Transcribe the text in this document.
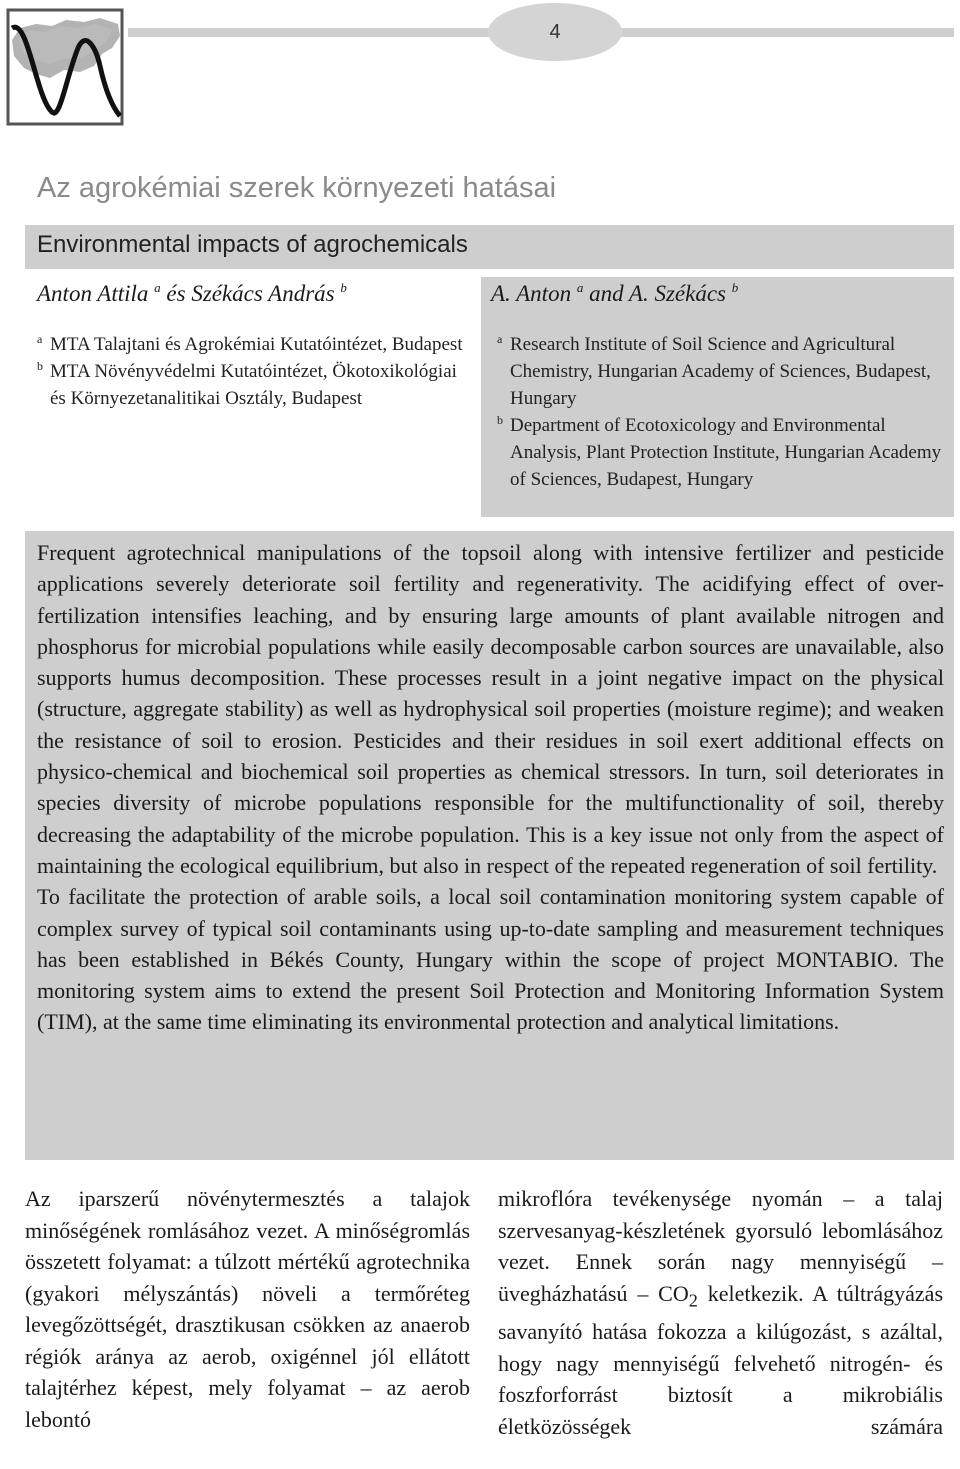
4
Az agrokémiai szerek környezeti hatásai
Environmental impacts of agrochemicals
Anton Attila $^a$ és Székács András $^b$
a MTA Talajtani és Agrokémiai Kutatóintézet, Budapest
b MTA Növényvédelmi Kutatóintézet, Ökotoxikológiai és Környezetanalitikai Osztály, Budapest
A. Anton $^a$ and A. Székács $^b$
a Research Institute of Soil Science and Agricultural Chemistry, Hungarian Academy of Sciences, Budapest, Hungary
b Department of Ecotoxicology and Environmental Analysis, Plant Protection Institute, Hungarian Academy of Sciences, Budapest, Hungary

Frequent agrotechnical manipulations of the topsoil along with intensive fertilizer and pesticide applications severely deteriorate soil fertility and regenerativity. The acidifying effect of over-fertilization intensifies leaching, and by ensuring large amounts of plant available nitrogen and phosphorus for microbial populations while easily decomposable carbon sources are unavailable, also supports humus decomposition. These processes result in a joint negative impact on the physical (structure, aggregate stability) as well as hydrophysical soil properties (moisture regime); and weaken the resistance of soil to erosion. Pesticides and their residues in soil exert additional effects on physico-chemical and biochemical soil properties as chemical stressors. In turn, soil deteriorates in species diversity of microbe populations responsible for the multifunctionality of soil, thereby decreasing the adaptability of the microbe population. This is a key issue not only from the aspect of maintaining the ecological equilibrium, but also in respect of the repeated regeneration of soil fertility.

To facilitate the protection of arable soils, a local soil contamination monitoring system capable of complex survey of typical soil contaminants using up-to-date sampling and measurement techniques has been established in Békés County, Hungary within the scope of project MONTABIO. The monitoring system aims to extend the present Soil Protection and Monitoring Information System (TIM), at the same time eliminating its environmental protection and analytical limitations.

Az iparszerű növénytermesztés a talajok minőségének romlásához vezet. A minőségromlás összetett folyamat: a túlzott mértékű agrotechnika (gyakori mélyszántás) növeli a termőréteg levegőzöttségét, drasztikusan csökken az anaerob régiók aránya az aerob, oxigénnel jól ellátott talajtérhez képest, mely folyamat – az aerob lebontó

mikroflóra tevékenysége nyomán – a talaj szervesanyag-készletének gyorsuló lebomlásához vezet. Ennek során nagy mennyiségű – üvegházhatású – $CO_2$ keletkezik. A túltrágyázás savanyító hatása fokozza a kilúgozást, s azáltal, hogy nagy mennyiségű felvehető nitrogén- és foszforforrást biztosít a mikrobiális életközösségek számára
